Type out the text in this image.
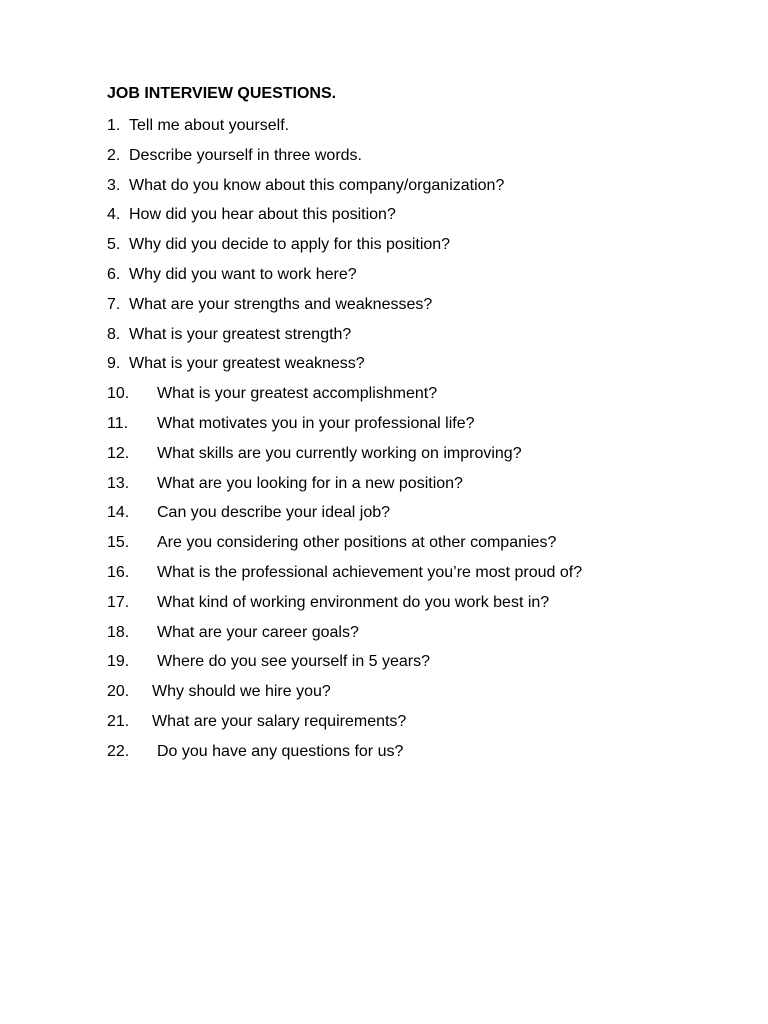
JOB INTERVIEW QUESTIONS.
1. Tell me about yourself.
2. Describe yourself in three words.
3. What do you know about this company/organization?
4. How did you hear about this position?
5. Why did you decide to apply for this position?
6. Why did you want to work here?
7. What are your strengths and weaknesses?
8. What is your greatest strength?
9. What is your greatest weakness?
10. What is your greatest accomplishment?
11. What motivates you in your professional life?
12. What skills are you currently working on improving?
13. What are you looking for in a new position?
14. Can you describe your ideal job?
15. Are you considering other positions at other companies?
16. What is the professional achievement you’re most proud of?
17. What kind of working environment do you work best in?
18. What are your career goals?
19. Where do you see yourself in 5 years?
20. Why should we hire you?
21. What are your salary requirements?
22. Do you have any questions for us?
